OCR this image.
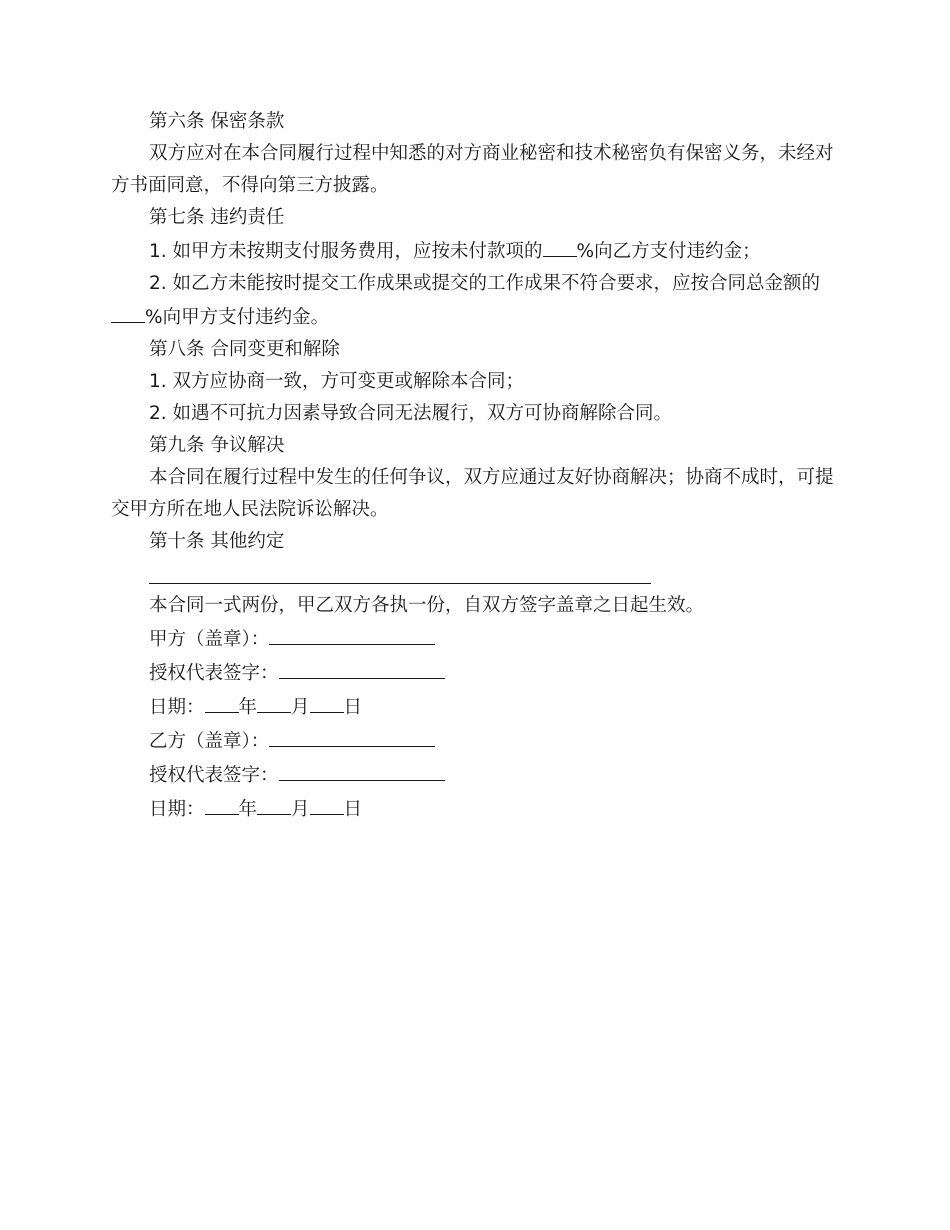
第六条 保密条款

双方应对在本合同履行过程中知悉的对方商业秘密和技术秘密负有保密义务，未经对方书面同意，不得向第三方披露。

第七条 违约责任

1. 如甲方未按期支付服务费用，应按未付款项的 %向乙方支付违约金；

2. 如乙方未能按时提交工作成果或提交的工作成果不符合要求，应按合同总金额的%向甲方支付违约金。

第八条 合同变更和解除

1. 双方应协商一致，方可变更或解除本合同；

2. 如遇不可抗力因素导致合同无法履行，双方可协商解除合同。

第九条 争议解决

本合同在履行过程中发生的任何争议，双方应通过友好协商解决；协商不成时，可提交甲方所在地人民法院诉讼解决。

第十条 其他约定

本合同一式两份，甲乙双方各执一份，自双方签字盖章之日起生效。

甲方（盖章）：

授权代表签字：

日期： 年 月 日

乙方（盖章）：

授权代表签字：

日期： 年 月 日
